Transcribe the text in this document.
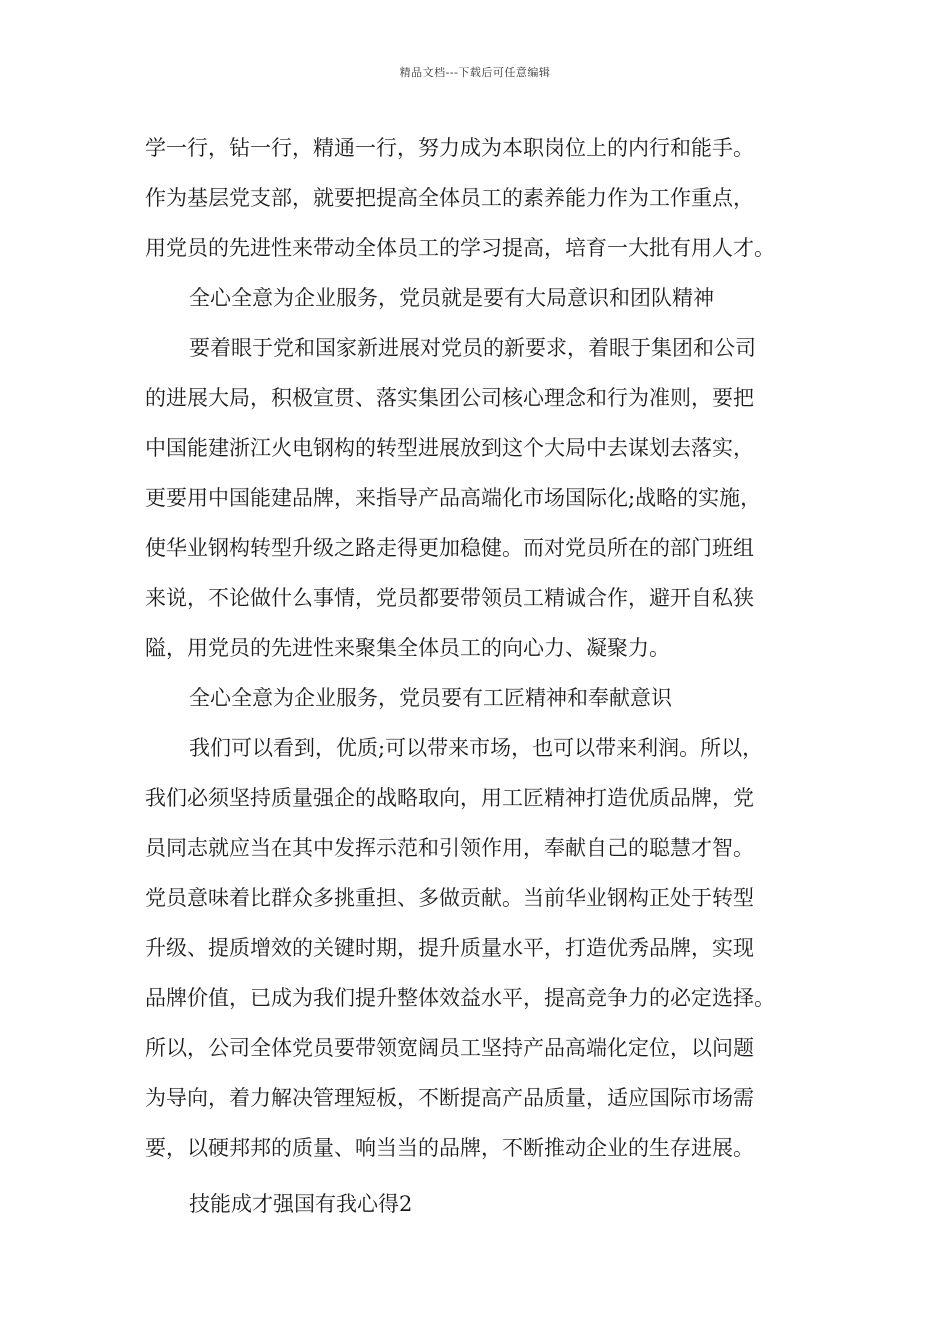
精品文档---下载后可任意编辑
学一行，钻一行，精通一行，努力成为本职岗位上的内行和能手。
作为基层党支部，就要把提高全体员工的素养能力作为工作重点，
用党员的先进性来带动全体员工的学习提高，培育一大批有用人才。
全心全意为企业服务，党员就是要有大局意识和团队精神
要着眼于党和国家新进展对党员的新要求，着眼于集团和公司
的进展大局，积极宣贯、落实集团公司核心理念和行为准则，要把
中国能建浙江火电钢构的转型进展放到这个大局中去谋划去落实，
更要用中国能建品牌，来指导产品高端化市场国际化;战略的实施，
使华业钢构转型升级之路走得更加稳健。而对党员所在的部门班组
来说，不论做什么事情，党员都要带领员工精诚合作，避开自私狭
隘，用党员的先进性来聚集全体员工的向心力、凝聚力。
全心全意为企业服务，党员要有工匠精神和奉献意识
我们可以看到，优质;可以带来市场，也可以带来利润。所以，
我们必须坚持质量强企的战略取向，用工匠精神打造优质品牌，党
员同志就应当在其中发挥示范和引领作用，奉献自己的聪慧才智。
党员意味着比群众多挑重担、多做贡献。当前华业钢构正处于转型
升级、提质增效的关键时期，提升质量水平，打造优秀品牌，实现
品牌价值，已成为我们提升整体效益水平，提高竞争力的必定选择。
所以，公司全体党员要带领宽阔员工坚持产品高端化定位，以问题
为导向，着力解决管理短板，不断提高产品质量，适应国际市场需
要，以硬邦邦的质量、响当当的品牌，不断推动企业的生存进展。
技能成才强国有我心得2
